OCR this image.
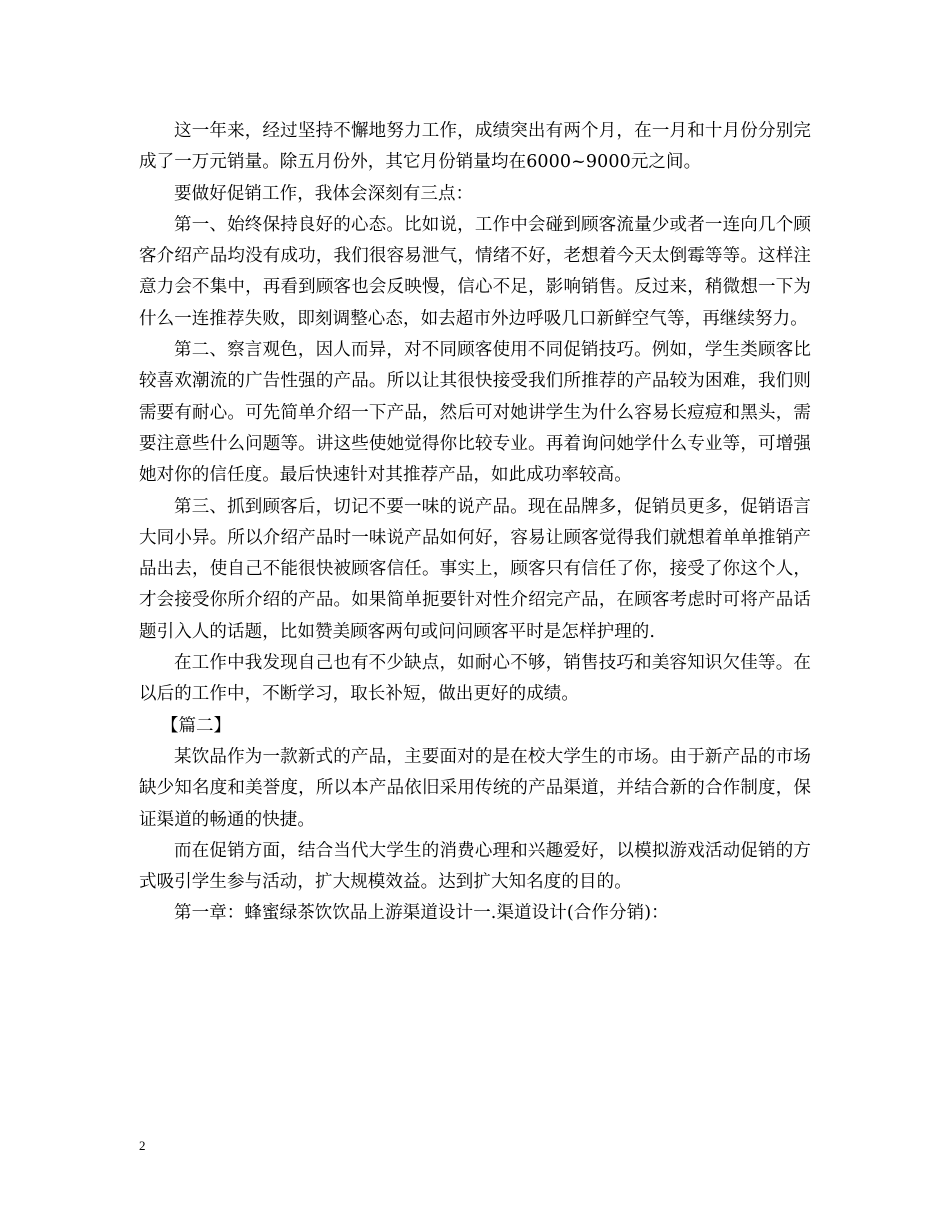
这一年来，经过坚持不懈地努力工作，成绩突出有两个月，在一月和十月份分别完成了一万元销量。除五月份外，其它月份销量均在6000~9000元之间。

要做好促销工作，我体会深刻有三点：

第一、始终保持良好的心态。比如说，工作中会碰到顾客流量少或者一连向几个顾客介绍产品均没有成功，我们很容易泄气，情绪不好，老想着今天太倒霉等等。这样注意力会不集中，再看到顾客也会反映慢，信心不足，影响销售。反过来，稍微想一下为什么一连推荐失败，即刻调整心态，如去超市外边呼吸几口新鲜空气等，再继续努力。

第二、察言观色，因人而异，对不同顾客使用不同促销技巧。例如，学生类顾客比较喜欢潮流的广告性强的产品。所以让其很快接受我们所推荐的产品较为困难，我们则需要有耐心。可先简单介绍一下产品，然后可对她讲学生为什么容易长痘痘和黑头，需要注意些什么问题等。讲这些使她觉得你比较专业。再着询问她学什么专业等，可增强她对你的信任度。最后快速针对其推荐产品，如此成功率较高。

第三、抓到顾客后，切记不要一味的说产品。现在品牌多，促销员更多，促销语言大同小异。所以介绍产品时一味说产品如何好，容易让顾客觉得我们就想着单单推销产品出去，使自己不能很快被顾客信任。事实上，顾客只有信任了你，接受了你这个人，才会接受你所介绍的产品。如果简单扼要针对性介绍完产品，在顾客考虑时可将产品话题引入人的话题，比如赞美顾客两句或问问顾客平时是怎样护理的.

在工作中我发现自己也有不少缺点，如耐心不够，销售技巧和美容知识欠佳等。在以后的工作中，不断学习，取长补短，做出更好的成绩。

【篇二】

某饮品作为一款新式的产品，主要面对的是在校大学生的市场。由于新产品的市场缺少知名度和美誉度，所以本产品依旧采用传统的产品渠道，并结合新的合作制度，保证渠道的畅通的快捷。

而在促销方面，结合当代大学生的消费心理和兴趣爱好，以模拟游戏活动促销的方式吸引学生参与活动，扩大规模效益。达到扩大知名度的目的。

第一章：蜂蜜绿茶饮饮品上游渠道设计一.渠道设计(合作分销)：

2
